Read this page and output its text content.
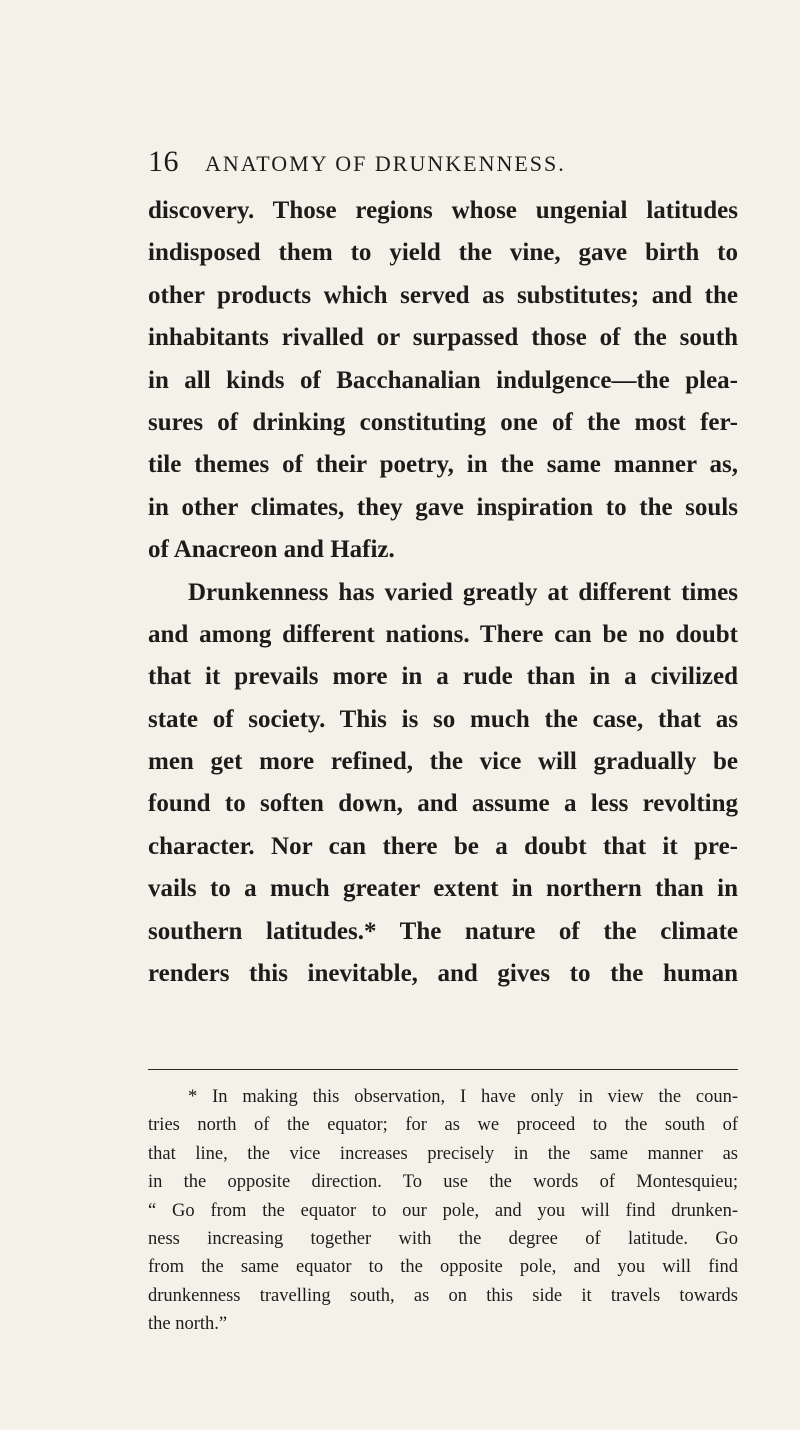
16 ANATOMY OF DRUNKENNESS.
discovery. Those regions whose ungenial latitudes
indisposed them to yield the vine, gave birth to
other products which served as substitutes; and the
inhabitants rivalled or surpassed those of the south
in all kinds of Bacchanalian indulgence—the plea-
sures of drinking constituting one of the most fer-
tile themes of their poetry, in the same manner as,
in other climates, they gave inspiration to the souls
of Anacreon and Hafiz.
Drunkenness has varied greatly at different times
and among different nations. There can be no doubt
that it prevails more in a rude than in a civilized
state of society. This is so much the case, that as
men get more refined, the vice will gradually be
found to soften down, and assume a less revolting
character. Nor can there be a doubt that it pre-
vails to a much greater extent in northern than in
southern latitudes.* The nature of the climate
renders this inevitable, and gives to the human
* In making this observation, I have only in view the coun-
tries north of the equator; for as we proceed to the south of
that line, the vice increases precisely in the same manner as
in the opposite direction. To use the words of Montesquieu;
“ Go from the equator to our pole, and you will find drunken-
ness increasing together with the degree of latitude. Go
from the same equator to the opposite pole, and you will find
drunkenness travelling south, as on this side it travels towards
the north.”
